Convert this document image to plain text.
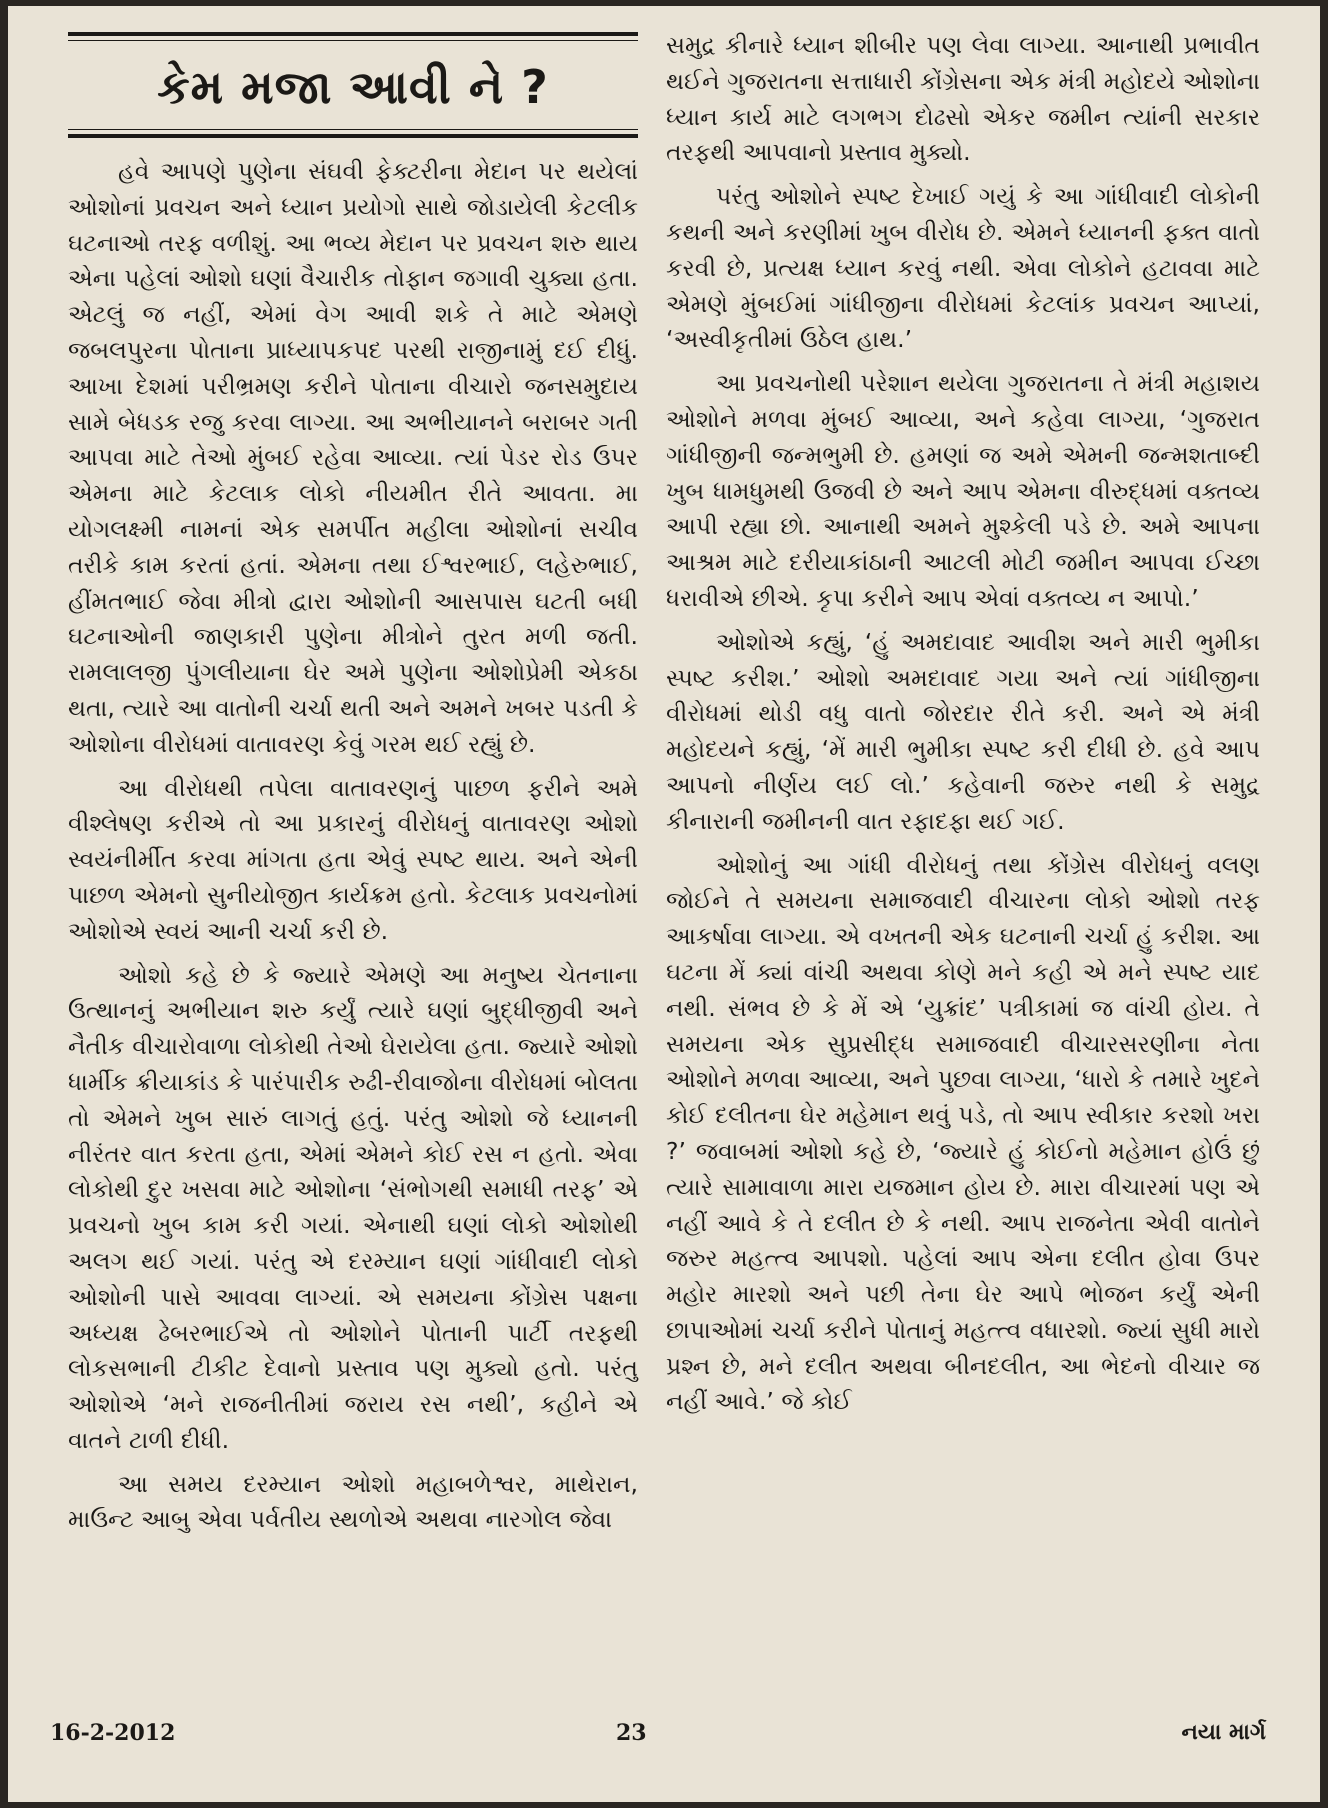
કેમ મજા આવી ને ?

હવે આપણે પુણેના સંઘવી ફેક્ટરીના મેદાન પર થયેલાં ઓશોનાં પ્રવચન અને ધ્યાન પ્રયોગો સાથે જોડાયેલી કેટલીક ઘટનાઓ તરફ વળીશું. આ ભવ્ય મેદાન પર પ્રવચન શરુ થાય એના પહેલાં ઓશો ઘણાં વૈચારીક તોફાન જગાવી ચુક્યા હતા. એટલું જ નહીં, એમાં વેગ આવી શકે તે માટે એમણે જબલપુરના પોતાના પ્રાધ્યાપકપદ પરથી રાજીનામું દઈ દીધું. આખા દેશમાં પરીભ્રમણ કરીને પોતાના વીચારો જનસમુદાય સામે બેધડક રજુ કરવા લાગ્યા. આ અભીયાનને બરાબર ગતી આપવા માટે તેઓ મુંબઈ રહેવા આવ્યા. ત્યાં પેડર રોડ ઉપર એમના માટે કેટલાક લોકો નીયમીત રીતે આવતા. મા યોગલક્ષ્મી નામનાં એક સમર્પીત મહીલા ઓશોનાં સચીવ તરીકે કામ કરતાં હતાં. એમના તથા ઈશ્વરભાઈ, લહેરુભાઈ, હીંમતભાઈ જેવા મીત્રો દ્વારા ઓશોની આસપાસ ઘટતી બધી ઘટનાઓની જાણકારી પુણેના મીત્રોને તુરત મળી જતી. રામલાલજી પુંગલીયાના ઘેર અમે પુણેના ઓશોપ્રેમી એકઠા થતા, ત્યારે આ વાતોની ચર્ચા થતી અને અમને ખબર પડતી કે ઓશોના વીરોધમાં વાતાવરણ કેવું ગરમ થઈ રહ્યું છે.

આ વીરોધથી તપેલા વાતાવરણનું પાછળ ફરીને અમે વીશ્લેષણ કરીએ તો આ પ્રકારનું વીરોધનું વાતાવરણ ઓશો સ્વયંનીર્મીત કરવા માંગતા હતા એવું સ્પષ્ટ થાય. અને એની પાછળ એમનો સુનીયોજીત કાર્યક્રમ હતો. કેટલાક પ્રવચનોમાં ઓશોએ સ્વયં આની ચર્ચા કરી છે.

ઓશો કહે છે કે જ્યારે એમણે આ મનુષ્ય ચેતનાના ઉત્થાનનું અભીયાન શરુ કર્યું ત્યારે ઘણાં બુદ્ધીજીવી અને નૈતીક વીચારોવાળા લોકોથી તેઓ ઘેરાયેલા હતા. જ્યારે ઓશો ધાર્મીક ક્રીયાકાંડ કે પારંપારીક રુઢી-રીવાજોના વીરોધમાં બોલતા તો એમને ખુબ સારું લાગતું હતું. પરંતુ ઓશો જે ધ્યાનની નીરંતર વાત કરતા હતા, એમાં એમને કોઈ રસ ન હતો. એવા લોકોથી દુર ખસવા માટે ઓશોના ‘સંભોગથી સમાધી તરફ’ એ પ્રવચનો ખુબ કામ કરી ગયાં. એનાથી ઘણાં લોકો ઓશોથી અલગ થઈ ગયાં. પરંતુ એ દરમ્યાન ઘણાં ગાંધીવાદી લોકો ઓશોની પાસે આવવા લાગ્યાં. એ સમયના કોંગ્રેસ પક્ષના અધ્યક્ષ ઢેબરભાઈએ તો ઓશોને પોતાની પાર્ટી તરફથી લોકસભાની ટીકીટ દેવાનો પ્રસ્તાવ પણ મુક્યો હતો. પરંતુ ઓશોએ ‘મને રાજનીતીમાં જરાય રસ નથી’, કહીને એ વાતને ટાળી દીધી.

આ સમય દરમ્યાન ઓશો મહાબળેશ્વર, માથેરાન, માઉન્ટ આબુ એવા પર્વતીય સ્થળોએ અથવા નારગોલ જેવા

સમુદ્ર કીનારે ધ્યાન શીબીર પણ લેવા લાગ્યા. આનાથી પ્રભાવીત થઈને ગુજરાતના સત્તાધારી કોંગ્રેસના એક મંત્રી મહોદયે ઓશોના ધ્યાન કાર્ય માટે લગભગ દોઢસો એકર જમીન ત્યાંની સરકાર તરફથી આપવાનો પ્રસ્તાવ મુક્યો.

પરંતુ ઓશોને સ્પષ્ટ દેખાઈ ગયું કે આ ગાંધીવાદી લોકોની કથની અને કરણીમાં ખુબ વીરોધ છે. એમને ધ્યાનની ફક્ત વાતો કરવી છે, પ્રત્યક્ષ ધ્યાન કરવું નથી. એવા લોકોને હટાવવા માટે એમણે મુંબઈમાં ગાંધીજીના વીરોધમાં કેટલાંક પ્રવચન આપ્યાં, ‘અસ્વીકૃતીમાં ઉઠેલ હાથ.’

આ પ્રવચનોથી પરેશાન થયેલા ગુજરાતના તે મંત્રી મહાશય ઓશોને મળવા મુંબઈ આવ્યા, અને કહેવા લાગ્યા, ‘ગુજરાત ગાંધીજીની જન્મભુમી છે. હમણાં જ અમે એમની જન્મશતાબ્દી ખુબ ધામધુમથી ઉજવી છે અને આપ એમના વીરુદ્ધમાં વક્તવ્ય આપી રહ્યા છો. આનાથી અમને મુશ્કેલી પડે છે. અમે આપના આશ્રમ માટે દરીયાકાંઠાની આટલી મોટી જમીન આપવા ઈચ્છા ધરાવીએ છીએ. કૃપા કરીને આપ એવાં વક્તવ્ય ન આપો.’

ઓશોએ કહ્યું, ‘હું અમદાવાદ આવીશ અને મારી ભુમીકા સ્પષ્ટ કરીશ.’ ઓશો અમદાવાદ ગયા અને ત્યાં ગાંધીજીના વીરોધમાં થોડી વધુ વાતો જોરદાર રીતે કરી. અને એ મંત્રી મહોદયને કહ્યું, ‘મેં મારી ભુમીકા સ્પષ્ટ કરી દીધી છે. હવે આપ આપનો નીર્ણય લઈ લો.’ કહેવાની જરુર નથી કે સમુદ્ર કીનારાની જમીનની વાત રફાદફા થઈ ગઈ.

ઓશોનું આ ગાંધી વીરોધનું તથા કોંગ્રેસ વીરોધનું વલણ જોઈને તે સમયના સમાજવાદી વીચારના લોકો ઓશો તરફ આકર્ષાવા લાગ્યા. એ વખતની એક ઘટનાની ચર્ચા હું કરીશ. આ ઘટના મેં ક્યાં વાંચી અથવા કોણે મને કહી એ મને સ્પષ્ટ યાદ નથી. સંભવ છે કે મેં એ ‘યુક્રાંદ’ પત્રીકામાં જ વાંચી હોય. તે સમયના એક સુપ્રસીદ્ધ સમાજવાદી વીચારસરણીના નેતા ઓશોને મળવા આવ્યા, અને પુછવા લાગ્યા, ‘ધારો કે તમારે ખુદને કોઈ દલીતના ઘેર મહેમાન થવું પડે, તો આપ સ્વીકાર કરશો ખરા ?’ જવાબમાં ઓશો કહે છે, ‘જ્યારે હું કોઈનો મહેમાન હોઉં છું ત્યારે સામાવાળા મારા યજમાન હોય છે. મારા વીચારમાં પણ એ નહીં આવે કે તે દલીત છે કે નથી. આપ રાજનેતા એવી વાતોને જરુર મહત્ત્વ આપશો. પહેલાં આપ એના દલીત હોવા ઉપર મહોર મારશો અને પછી તેના ઘેર આપે ભોજન કર્યું એની છાપાઓમાં ચર્ચા કરીને પોતાનું મહત્ત્વ વધારશો. જ્યાં સુધી મારો પ્રશ્ન છે, મને દલીત અથવા બીનદલીત, આ ભેદનો વીચાર જ નહીં આવે.’ જે કોઈ

16-2-2012	23	નયા માર્ગ
